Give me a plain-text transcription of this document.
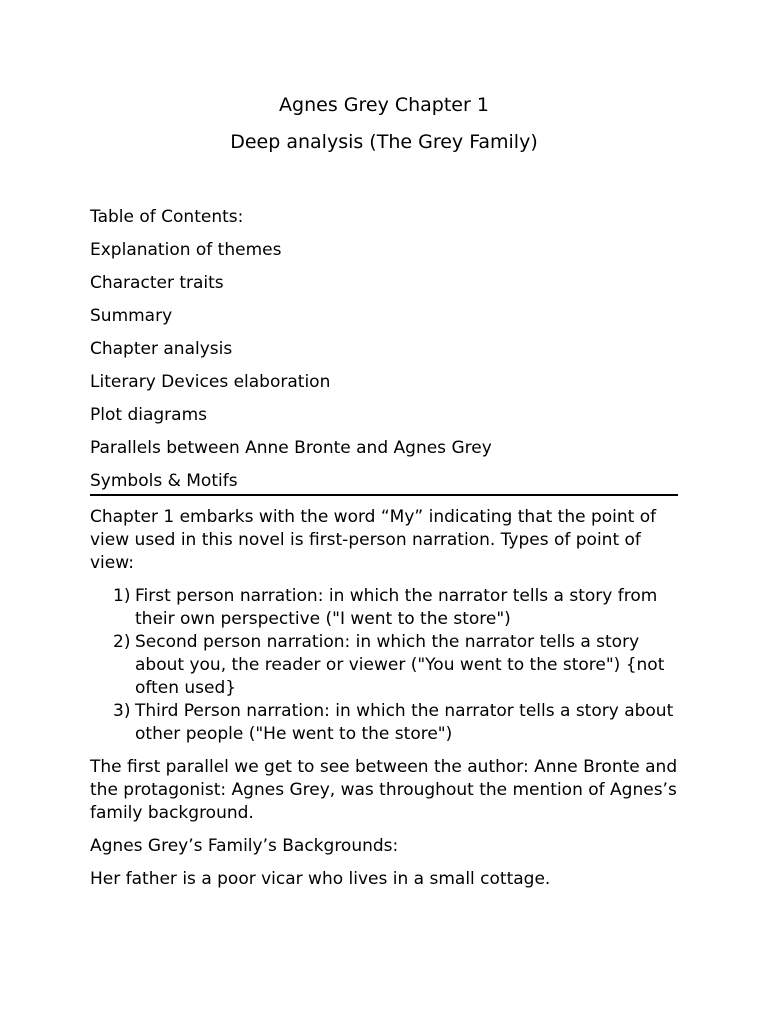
Agnes Grey Chapter 1
Deep analysis (The Grey Family)
Table of Contents:
Explanation of themes
Character traits
Summary
Chapter analysis
Literary Devices elaboration
Plot diagrams
Parallels between Anne Bronte and Agnes Grey
Symbols & Motifs
Chapter 1 embarks with the word “My” indicating that the point of view used in this novel is first-person narration. Types of point of view:
1) First person narration: in which the narrator tells a story from their own perspective ("I went to the store")
2) Second person narration: in which the narrator tells a story about you, the reader or viewer ("You went to the store") {not often used}
3) Third Person narration: in which the narrator tells a story about other people ("He went to the store")
The first parallel we get to see between the author: Anne Bronte and the protagonist: Agnes Grey, was throughout the mention of Agnes’s family background.
Agnes Grey’s Family’s Backgrounds:
Her father is a poor vicar who lives in a small cottage.
